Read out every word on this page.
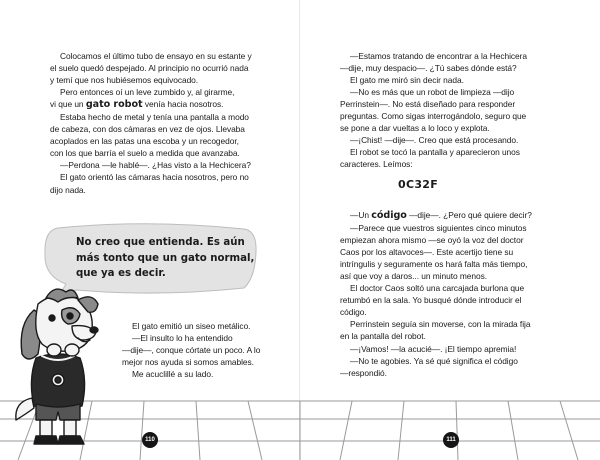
Colocamos el último tubo de ensayo en su estante y

el suelo quedó despejado. Al principio no ocurrió nada

y temí que nos hubiésemos equivocado.

Pero entonces oí un leve zumbido y, al girarme,

vi que un gato robot venía hacia nosotros.

Estaba hecho de metal y tenía una pantalla a modo

de cabeza, con dos cámaras en vez de ojos. Llevaba

acoplados en las patas una escoba y un recogedor,

con los que barría el suelo a medida que avanzaba.

—Perdona —le hablé—. ¿Has visto a la Hechicera?

El gato orientó las cámaras hacia nosotros, pero no

dijo nada.

No creo que entienda. Es aún
más tonto que un gato normal,
que ya es decir.

El gato emitió un siseo metálico.

—El insulto lo ha entendido

—dije—, conque córtate un poco. A lo

mejor nos ayuda si somos amables.

Me acuclillé a su lado.

110

—Estamos tratando de encontrar a la Hechicera

—dije, muy despacio—. ¿Tú sabes dónde está?

El gato me miró sin decir nada.

—No es más que un robot de limpieza —dijo

Perrinstein—. No está diseñado para responder

preguntas. Como sigas interrogándolo, seguro que

se pone a dar vueltas a lo loco y explota.

—¡Chist! —dije—. Creo que está procesando.

El robot se tocó la pantalla y aparecieron unos

caracteres. Leímos:

0C32F

—Un código —dije—. ¿Pero qué quiere decir?

—Parece que vuestros siguientes cinco minutos

empiezan ahora mismo —se oyó la voz del doctor

Caos por los altavoces—. Este acertijo tiene su

intríngulis y seguramente os hará falta más tiempo,

así que voy a daros... un minuto menos.

El doctor Caos soltó una carcajada burlona que

retumbó en la sala. Yo busqué dónde introducir el

código.

Perrinstein seguía sin moverse, con la mirada fija

en la pantalla del robot.

—¡Vamos! —la acucié—. ¡El tiempo apremia!

—No te agobies. Ya sé qué significa el código

—respondió.

111
